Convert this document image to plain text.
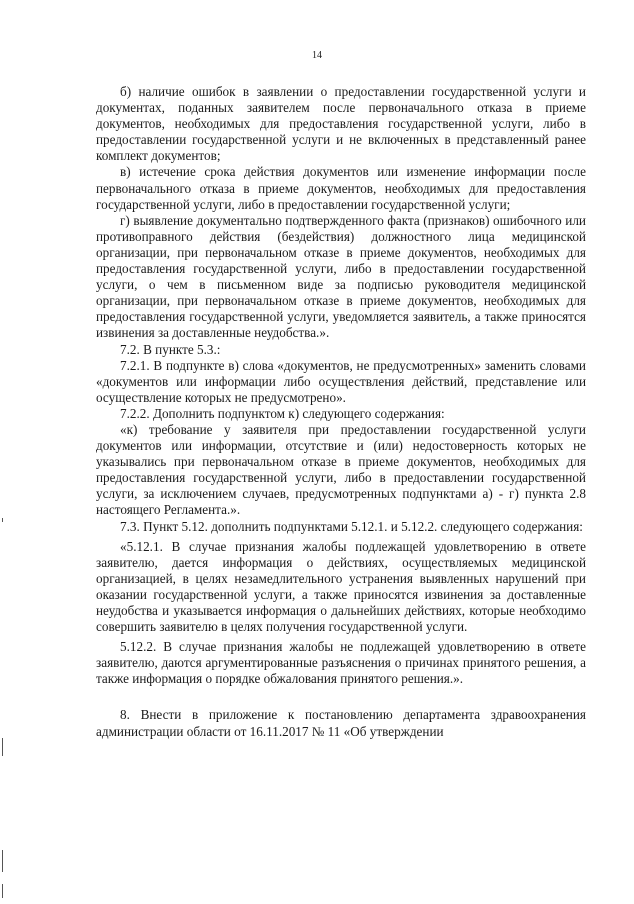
14

б) наличие ошибок в заявлении о предоставлении государственной услуги и документах, поданных заявителем после первоначального отказа в приеме документов, необходимых для предоставления государственной услуги, либо в предоставлении государственной услуги и не включенных в представленный ранее комплект документов;

в) истечение срока действия документов или изменение информации после первоначального отказа в приеме документов, необходимых для предоставления государственной услуги, либо в предоставлении государственной услуги;

г) выявление документально подтвержденного факта (признаков) ошибочного или противоправного действия (бездействия) должностного лица медицинской организации, при первоначальном отказе в приеме документов, необходимых для предоставления государственной услуги, либо в предоставлении государственной услуги, о чем в письменном виде за подписью руководителя медицинской организации, при первоначальном отказе в приеме документов, необходимых для предоставления государственной услуги, уведомляется заявитель, а также приносятся извинения за доставленные неудобства.».

7.2. В пункте 5.3.:

7.2.1. В подпункте в) слова «документов, не предусмотренных» заменить словами «документов или информации либо осуществления действий, представление или осуществление которых не предусмотрено».

7.2.2. Дополнить подпунктом к) следующего содержания:

«к) требование у заявителя при предоставлении государственной услуги документов или информации, отсутствие и (или) недостоверность которых не указывались при первоначальном отказе в приеме документов, необходимых для предоставления государственной услуги, либо в предоставлении государственной услуги, за исключением случаев, предусмотренных подпунктами а) - г) пункта 2.8 настоящего Регламента.».

7.3. Пункт 5.12. дополнить подпунктами 5.12.1. и 5.12.2. следующего содержания:

«5.12.1. В случае признания жалобы подлежащей удовлетворению в ответе заявителю, дается информация о действиях, осуществляемых медицинской организацией, в целях незамедлительного устранения выявленных нарушений при оказании государственной услуги, а также приносятся извинения за доставленные неудобства и указывается информация о дальнейших действиях, которые необходимо совершить заявителю в целях получения государственной услуги.

5.12.2. В случае признания жалобы не подлежащей удовлетворению в ответе заявителю, даются аргументированные разъяснения о причинах принятого решения, а также информация о порядке обжалования принятого решения.».

8. Внести в приложение к постановлению департамента здравоохранения администрации области от 16.11.2017 № 11 «Об утверждении
